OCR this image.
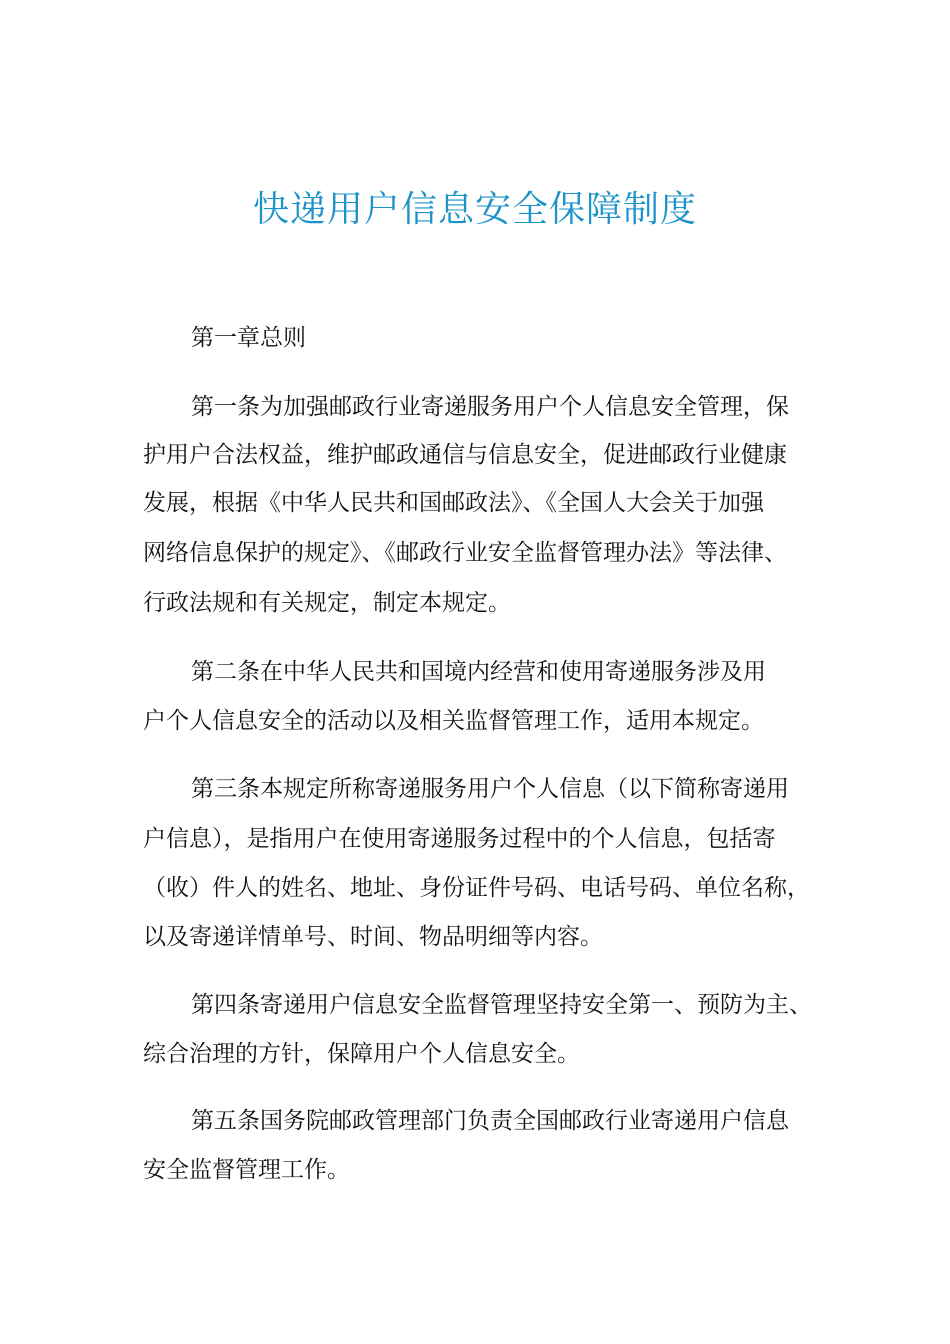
快递用户信息安全保障制度
第一章总则
第一条为加强邮政行业寄递服务用户个人信息安全管理，保
护用户合法权益，维护邮政通信与信息安全，促进邮政行业健康
发展，根据《中华人民共和国邮政法》、《全国人大会关于加强
网络信息保护的规定》、《邮政行业安全监督管理办法》等法律、
行政法规和有关规定，制定本规定。
第二条在中华人民共和国境内经营和使用寄递服务涉及用
户个人信息安全的活动以及相关监督管理工作，适用本规定。
第三条本规定所称寄递服务用户个人信息（以下简称寄递用
户信息），是指用户在使用寄递服务过程中的个人信息，包括寄
（收）件人的姓名、地址、身份证件号码、电话号码、单位名称，
以及寄递详情单号、时间、物品明细等内容。
第四条寄递用户信息安全监督管理坚持安全第一、预防为主、
综合治理的方针，保障用户个人信息安全。
第五条国务院邮政管理部门负责全国邮政行业寄递用户信息
安全监督管理工作。
